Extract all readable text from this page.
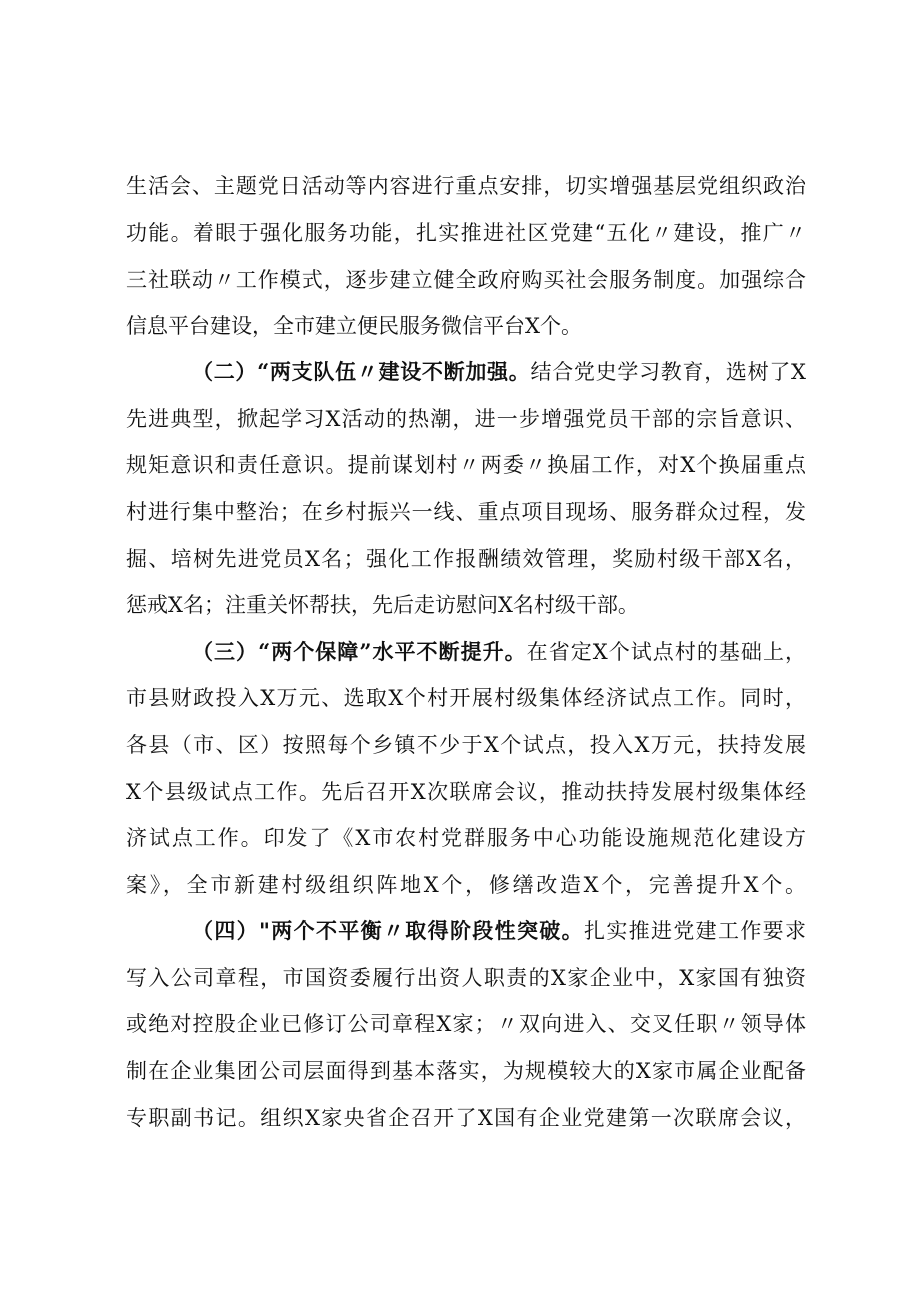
生活会、主题党日活动等内容进行重点安排，切实增强基层党组织政治
功能。着眼于强化服务功能，扎实推进社区党建“五化〃建设，推广〃
三社联动〃工作模式，逐步建立健全政府购买社会服务制度。加强综合
信息平台建设，全市建立便民服务微信平台X个。
（二）“两支队伍〃建设不断加强。结合党史学习教育，选树了X
先进典型，掀起学习X活动的热潮，进一步增强党员干部的宗旨意识、
规矩意识和责任意识。提前谋划村〃两委〃换届工作，对X个换届重点
村进行集中整治；在乡村振兴一线、重点项目现场、服务群众过程，发
掘、培树先进党员X名；强化工作报酬绩效管理，奖励村级干部X名，
惩戒X名；注重关怀帮扶，先后走访慰问X名村级干部。
（三）“两个保障”水平不断提升。在省定X个试点村的基础上，
市县财政投入X万元、选取X个村开展村级集体经济试点工作。同时，
各县（市、区）按照每个乡镇不少于X个试点，投入X万元，扶持发展
X个县级试点工作。先后召开X次联席会议，推动扶持发展村级集体经
济试点工作。印发了《X市农村党群服务中心功能设施规范化建设方
案》，全市新建村级组织阵地X个，修缮改造X个，完善提升X个。
（四）"两个不平衡〃取得阶段性突破。扎实推进党建工作要求
写入公司章程，市国资委履行出资人职责的X家企业中，X家国有独资
或绝对控股企业已修订公司章程X家；〃双向进入、交叉任职〃领导体
制在企业集团公司层面得到基本落实，为规模较大的X家市属企业配备
专职副书记。组织X家央省企召开了X国有企业党建第一次联席会议，
